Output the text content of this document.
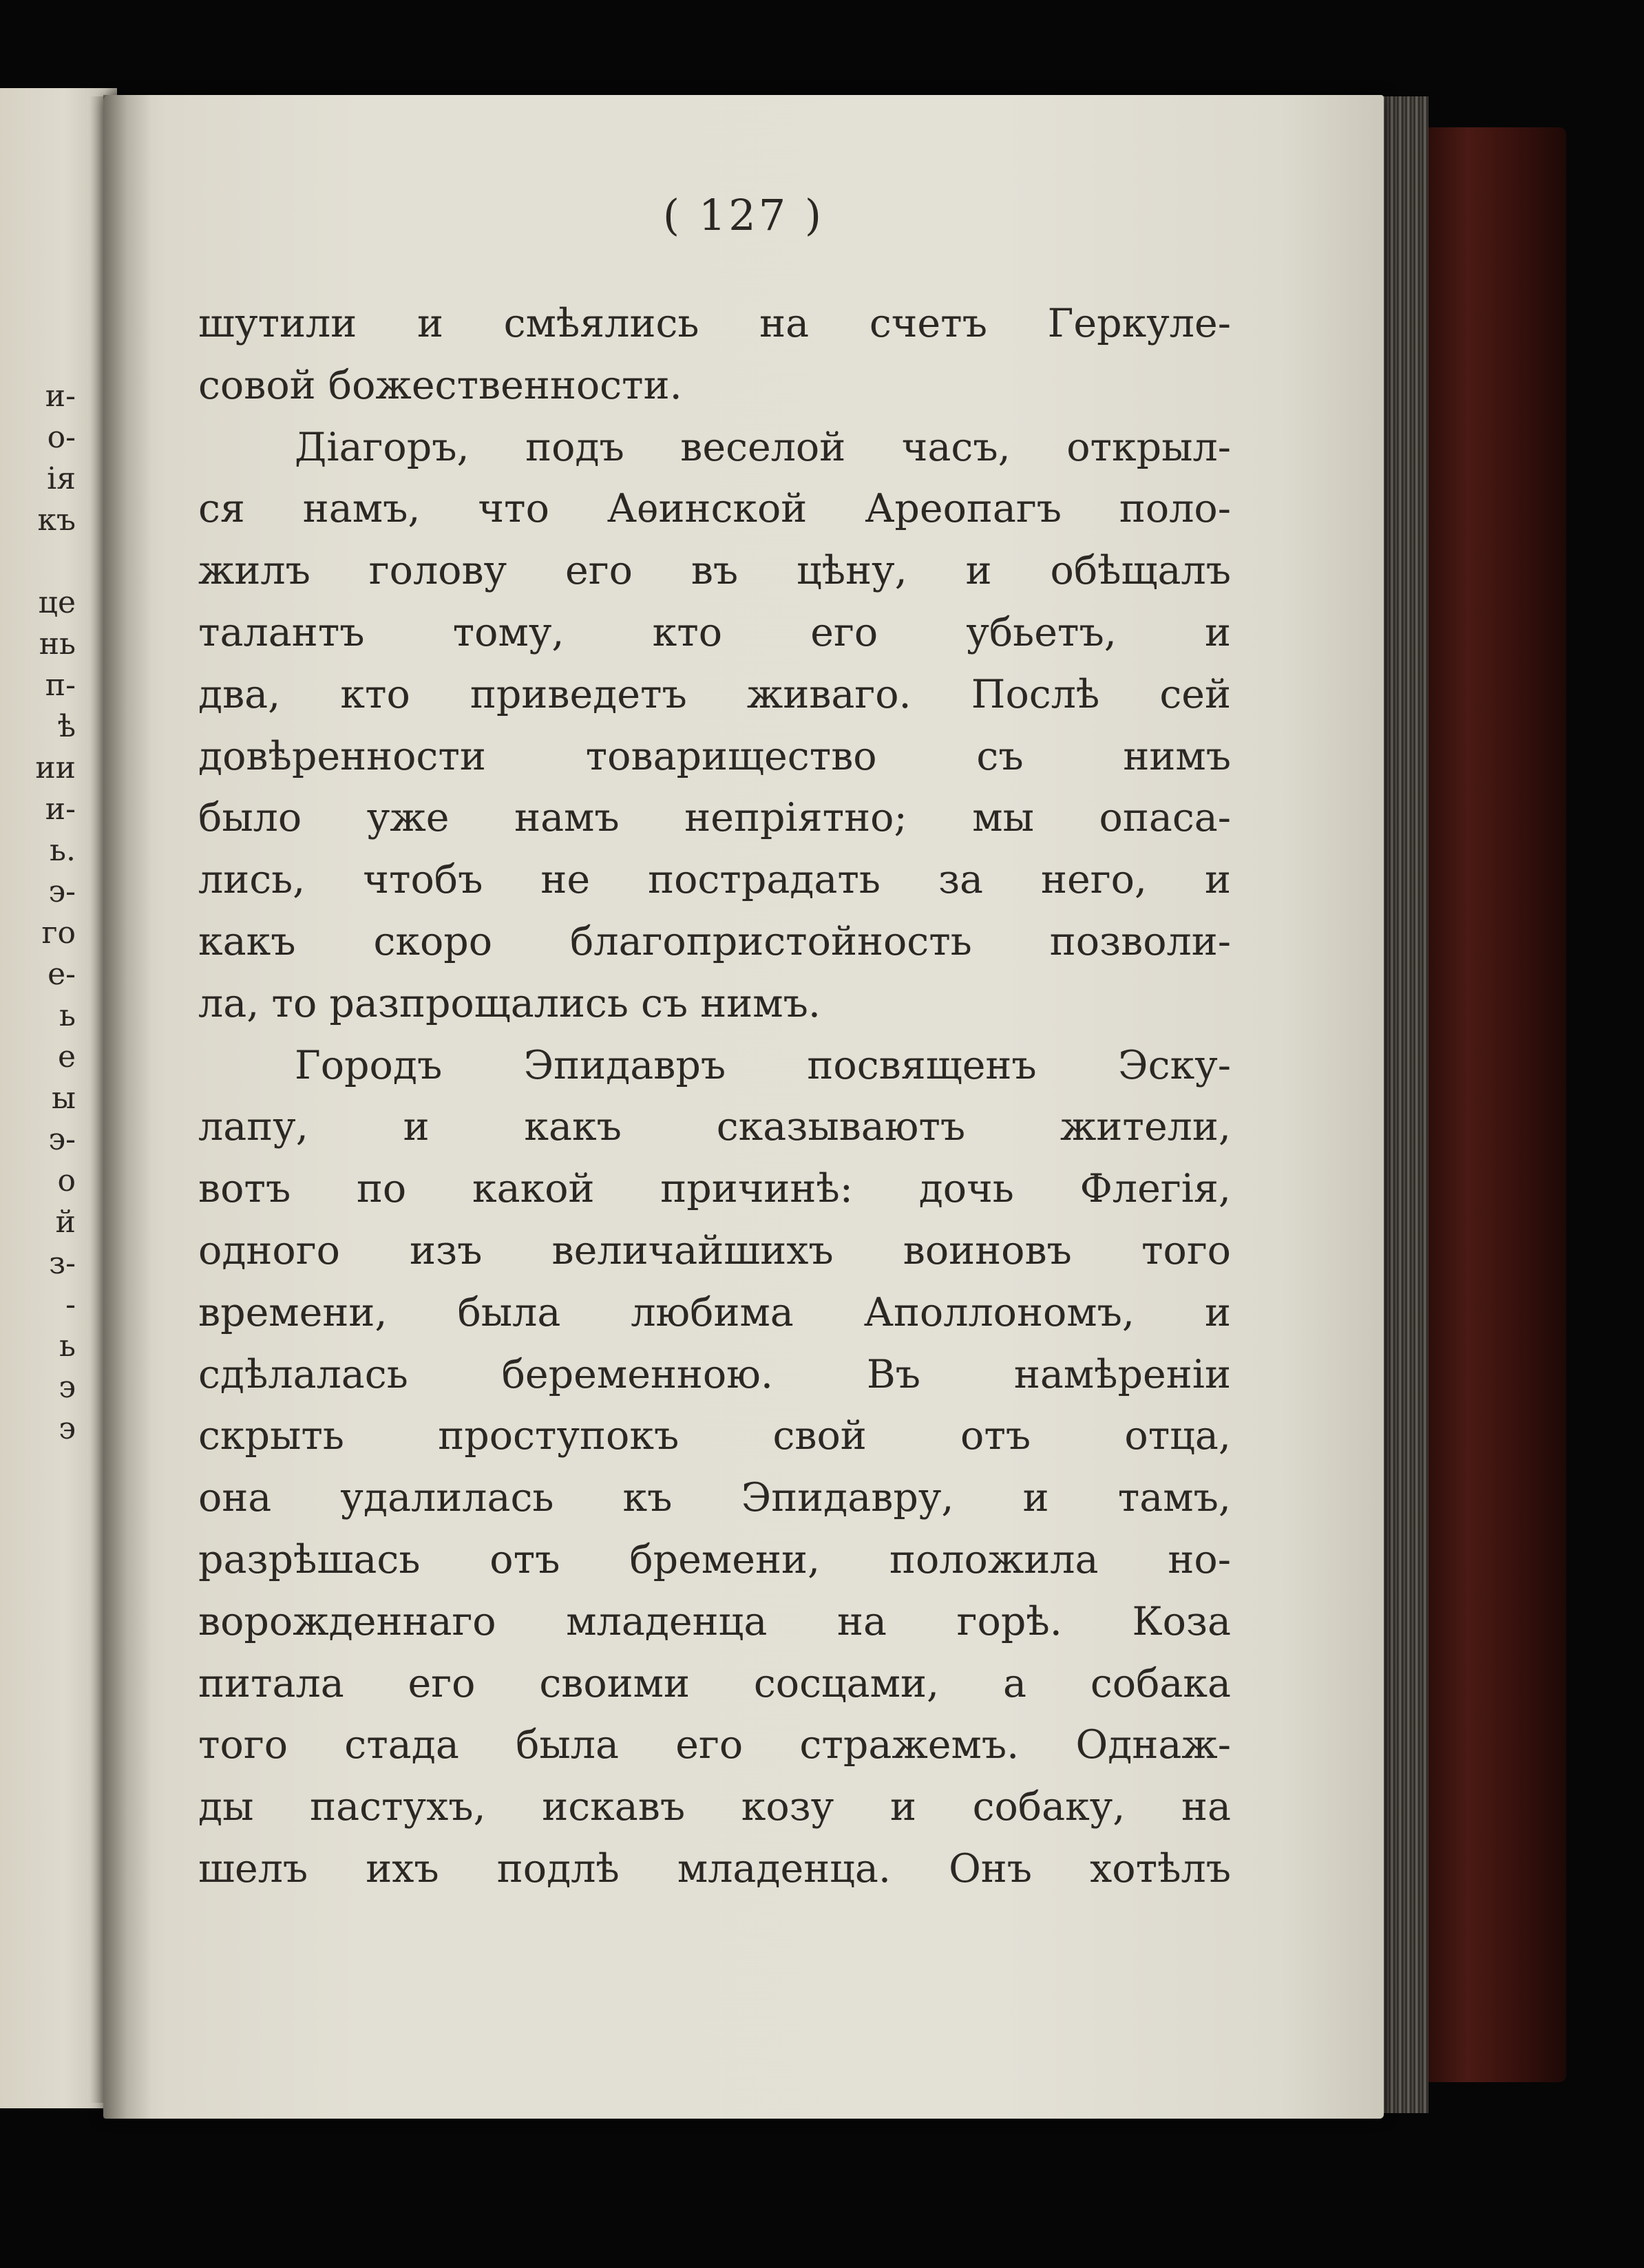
и-
о-
ія
къ
це
нь
п-
ѣ
ии
и-
ь.
э-
го
е-
ь
е
ы
э-
о
й
з-
-
ь
э
э
( 127 )
шутили и смѣялись на счетъ Геркуле-
совой божественности.
Діагоръ, подъ веселой часъ, открыл-
ся намъ, что Аѳинской Ареопагъ поло-
жилъ голову его въ цѣну, и обѣщалъ
талантъ тому, кто его убьетъ, и
два, кто приведетъ живаго. Послѣ сей
довѣренности товарищество съ нимъ
было уже намъ непріятно; мы опаса-
лись, чтобъ не пострадать за него, и
какъ скоро благопристойность позволи-
ла, то разпрощались съ нимъ.
Городъ Эпидавръ посвященъ Эску-
лапу, и какъ сказываютъ жители,
вотъ по какой причинѣ: дочь Флегія,
одного изъ величайшихъ воиновъ того
времени, была любима Аполлономъ, и
сдѣлалась беременною. Въ намѣреніи
скрыть проступокъ свой отъ отца,
она удалилась къ Эпидавру, и тамъ,
разрѣшась отъ бремени, положила но-
ворожденнаго младенца на горѣ. Коза
питала его своими сосцами, а собака
того стада была его стражемъ. Однаж-
ды пастухъ, искавъ козу и собаку, на
шелъ ихъ подлѣ младенца. Онъ хотѣлъ
